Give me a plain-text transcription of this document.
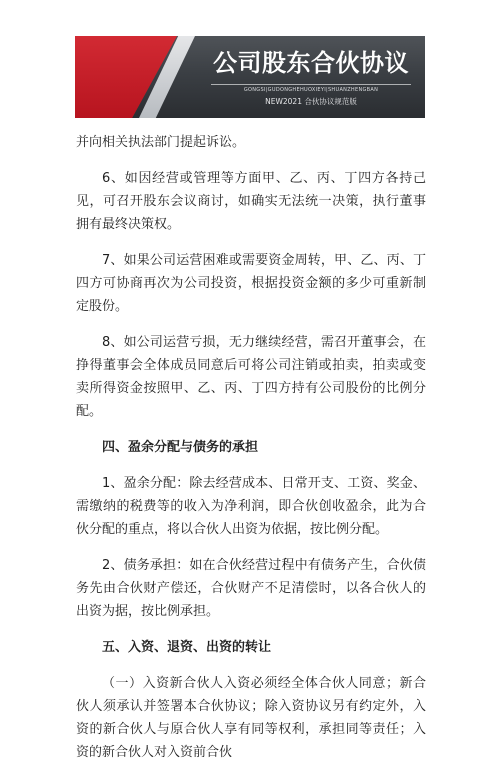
公司股东合伙协议
GONGSI|GUDONGHEHUOXIEYI|SHUANZHENGBAN
NEW2021 合伙协议规范版

并向相关执法部门提起诉讼。

6、如因经营或管理等方面甲、乙、丙、丁四方各持己见，可召开股东会议商讨，如确实无法统一决策，执行董事拥有最终决策权。

7、如果公司运营困难或需要资金周转，甲、乙、丙、丁四方可协商再次为公司投资，根据投资金额的多少可重新制定股份。

8、如公司运营亏损，无力继续经营，需召开董事会，在挣得董事会全体成员同意后可将公司注销或拍卖，拍卖或变卖所得资金按照甲、乙、丙、丁四方持有公司股份的比例分配。

四、盈余分配与债务的承担

1、盈余分配：除去经营成本、日常开支、工资、奖金、需缴纳的税费等的收入为净利润，即合伙创收盈余，此为合伙分配的重点，将以合伙人出资为依据，按比例分配。

2、债务承担：如在合伙经营过程中有债务产生，合伙债务先由合伙财产偿还，合伙财产不足清偿时，以各合伙人的出资为据，按比例承担。

五、入资、退资、出资的转让

（一）入资新合伙人入资必须经全体合伙人同意；新合伙人须承认并签署本合伙协议；除入资协议另有约定外，入资的新合伙人与原合伙人享有同等权利，承担同等责任；入资的新合伙人对入资前合伙
